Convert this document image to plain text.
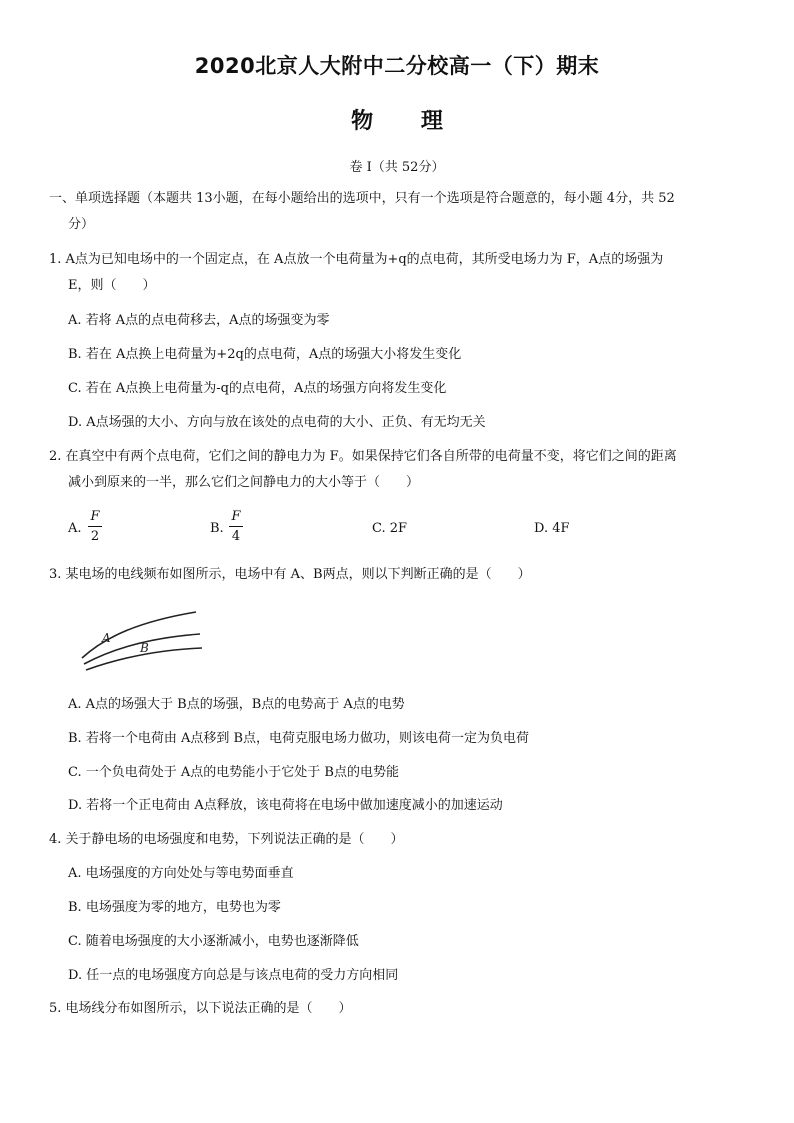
2020北京人大附中二分校高一（下）期末
物 理
卷 I（共 52分）
一、单项选择题（本题共 13小题，在每小题给出的选项中，只有一个选项是符合题意的，每小题 4分，共 52
分）
1. A点为已知电场中的一个固定点，在 A点放一个电荷量为+q的点电荷，其所受电场力为 F，A点的场强为
E，则（　　）
A. 若将 A点的点电荷移去，A点的场强变为零
B. 若在 A点换上电荷量为+2q的点电荷，A点的场强大小将发生变化
C. 若在 A点换上电荷量为-q的点电荷，A点的场强方向将发生变化
D. A点场强的大小、方向与放在该处的点电荷的大小、正负、有无均无关
2. 在真空中有两个点电荷，它们之间的静电力为 F。如果保持它们各自所带的电荷量不变，将它们之间的距离
减小到原来的一半，那么它们之间静电力的大小等于（　　）
A.
F
2
B.
F
4
C. 2F	D. 4F
3. 某电场的电线频布如图所示，电场中有 A、B两点，则以下判断正确的是（　　）
A
B
A. A点的场强大于 B点的场强，B点的电势高于 A点的电势
B. 若将一个电荷由 A点移到 B点，电荷克服电场力做功，则该电荷一定为负电荷
C. 一个负电荷处于 A点的电势能小于它处于 B点的电势能
D. 若将一个正电荷由 A点释放，该电荷将在电场中做加速度减小的加速运动
4. 关于静电场的电场强度和电势，下列说法正确的是（　　）
A. 电场强度的方向处处与等电势面垂直
B. 电场强度为零的地方，电势也为零
C. 随着电场强度的大小逐渐减小，电势也逐渐降低
D. 任一点的电场强度方向总是与该点电荷的受力方向相同
5. 电场线分布如图所示，以下说法正确的是（　　）
